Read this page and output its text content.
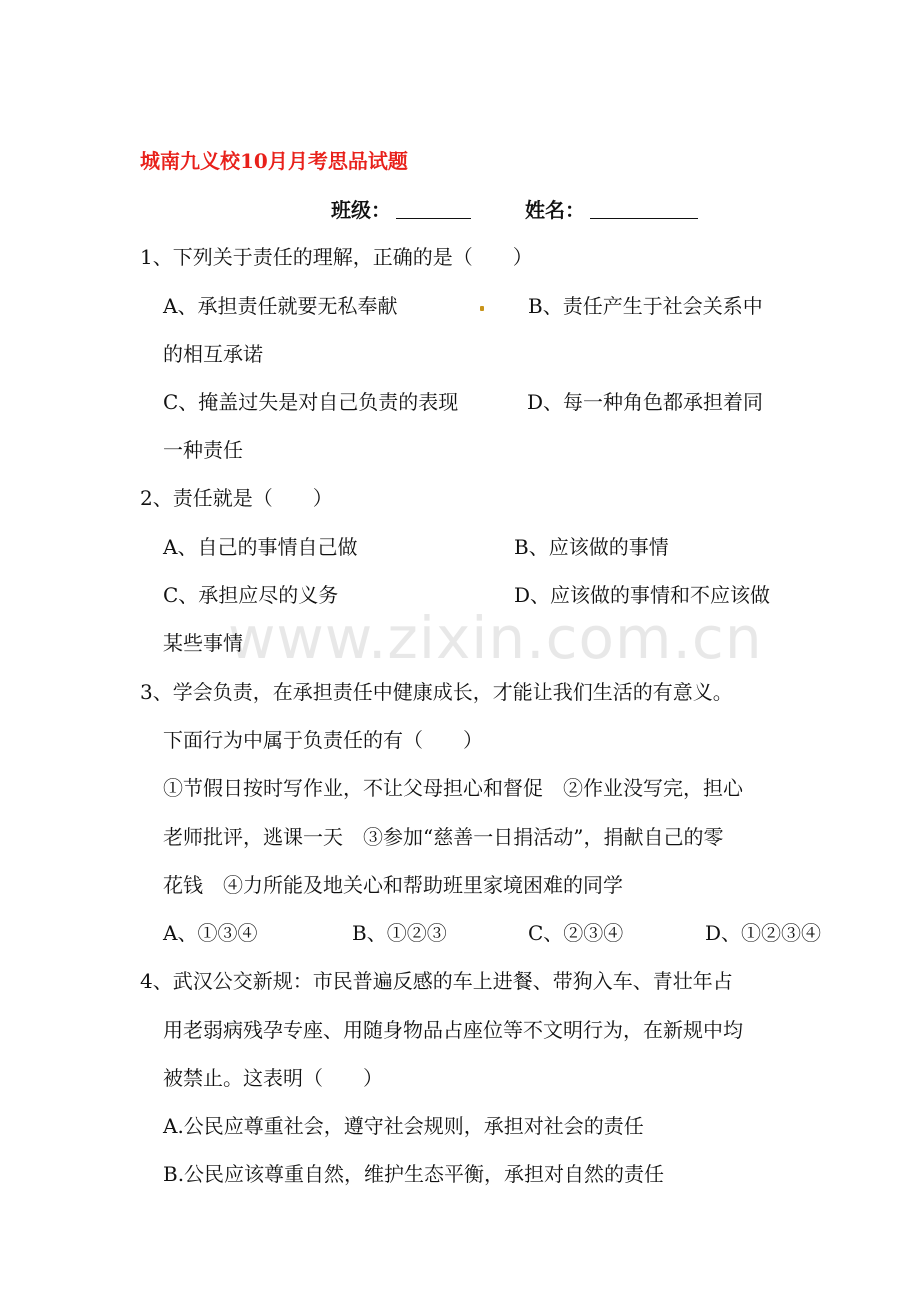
www.zixin.com.cn
城南九义校10月月考思品试题
班级：	姓名：
1、下列关于责任的理解，正确的是（　　）
A、承担责任就要无私奉献	B、责任产生于社会关系中
的相互承诺
C、掩盖过失是对自己负责的表现	D、每一种角色都承担着同
一种责任
2、责任就是（　　）
A、自己的事情自己做	B、应该做的事情
C、承担应尽的义务	D、应该做的事情和不应该做
某些事情
3、学会负责，在承担责任中健康成长，才能让我们生活的有意义。
下面行为中属于负责任的有（　　）
①节假日按时写作业，不让父母担心和督促　②作业没写完，担心
老师批评，逃课一天　③参加“慈善一日捐活动”，捐献自己的零
花钱　④力所能及地关心和帮助班里家境困难的同学
A、①③④	B、①②③	C、②③④	D、①②③④
4、武汉公交新规：市民普遍反感的车上进餐、带狗入车、青壮年占
用老弱病残孕专座、用随身物品占座位等不文明行为，在新规中均
被禁止。这表明（　　）
A.公民应尊重社会，遵守社会规则，承担对社会的责任
B.公民应该尊重自然，维护生态平衡，承担对自然的责任
